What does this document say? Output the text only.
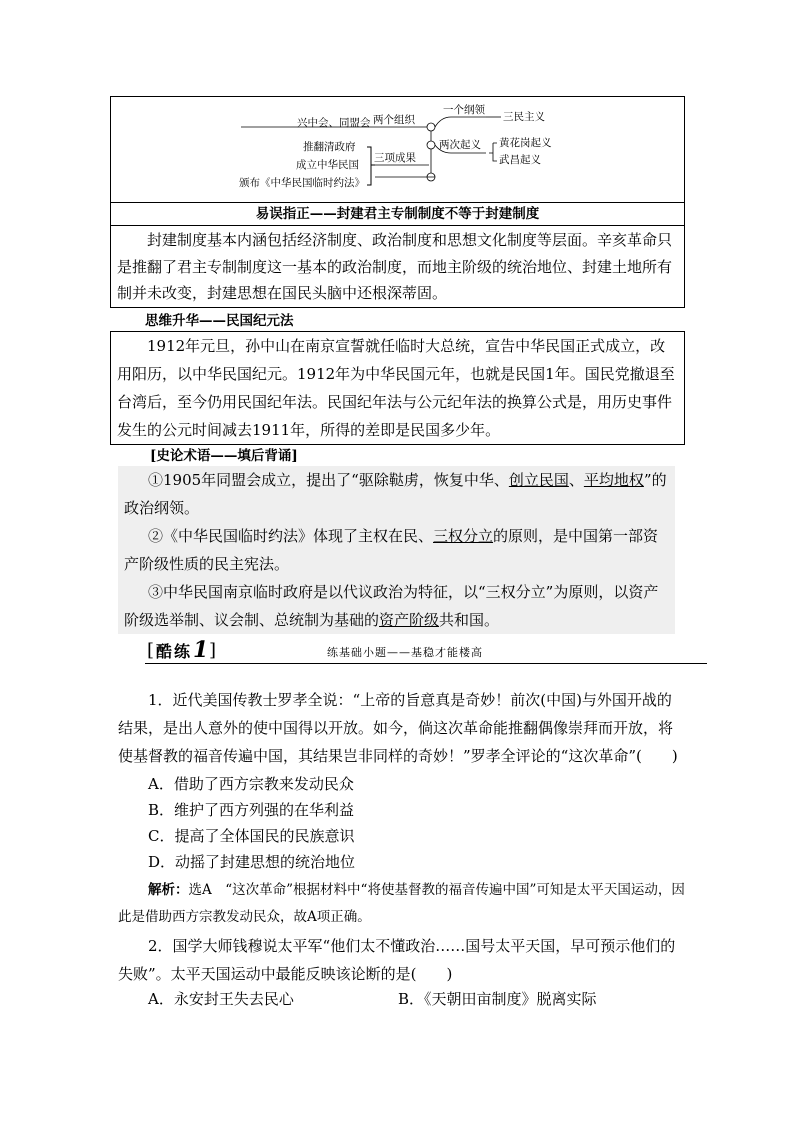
兴中会、同盟会
推翻清政府
成立中华民国
颁布《中华民国临时约法》
两个组织
三项成果
一个纲领
两次起义
三民主义
黄花岗起义
武昌起义
易误指正——封建君主专制制度不等于封建制度

封建制度基本内涵包括经济制度、政治制度和思想文化制度等层面。辛亥革命只是推翻了君主专制制度这一基本的政治制度，而地主阶级的统治地位、封建土地所有制并未改变，封建思想在国民头脑中还根深蒂固。

思维升华——民国纪元法

1912年元旦，孙中山在南京宣誓就任临时大总统，宣告中华民国正式成立，改用阳历，以中华民国纪元。1912年为中华民国元年，也就是民国1年。国民党撤退至台湾后，至今仍用民国纪年法。民国纪年法与公元纪年法的换算公式是，用历史事件发生的公元时间减去1911年，所得的差即是民国多少年。

[史论术语——填后背诵]

①1905年同盟会成立，提出了“驱除鞑虏，恢复中华、创立民国、平均地权”的政治纲领。

②《中华民国临时约法》体现了主权在民、三权分立的原则，是中国第一部资产阶级性质的民主宪法。

③中华民国南京临时政府是以代议政治为特征，以“三权分立”为原则，以资产阶级选举制、议会制、总统制为基础的资产阶级共和国。

[ 酷练 1 ]	练基础小题——基稳才能楼高

1．近代美国传教士罗孝全说：“上帝的旨意真是奇妙！前次(中国)与外国开战的结果，是出人意外的使中国得以开放。如今，倘这次革命能推翻偶像崇拜而开放，将使基督教的福音传遍中国，其结果岂非同样的奇妙！”罗孝全评论的“这次革命”(　　)

A．借助了西方宗教来发动民众
B．维护了西方列强的在华利益
C．提高了全体国民的民族意识
D．动摇了封建思想的统治地位

解析：选A　“这次革命”根据材料中“将使基督教的福音传遍中国”可知是太平天国运动，因此是借助西方宗教发动民众，故A项正确。

2．国学大师钱穆说太平军“他们太不懂政治……国号太平天国，早可预示他们的失败”。太平天国运动中最能反映该论断的是(　　)

A．永安封王失去民心	B．《天朝田亩制度》脱离实际
